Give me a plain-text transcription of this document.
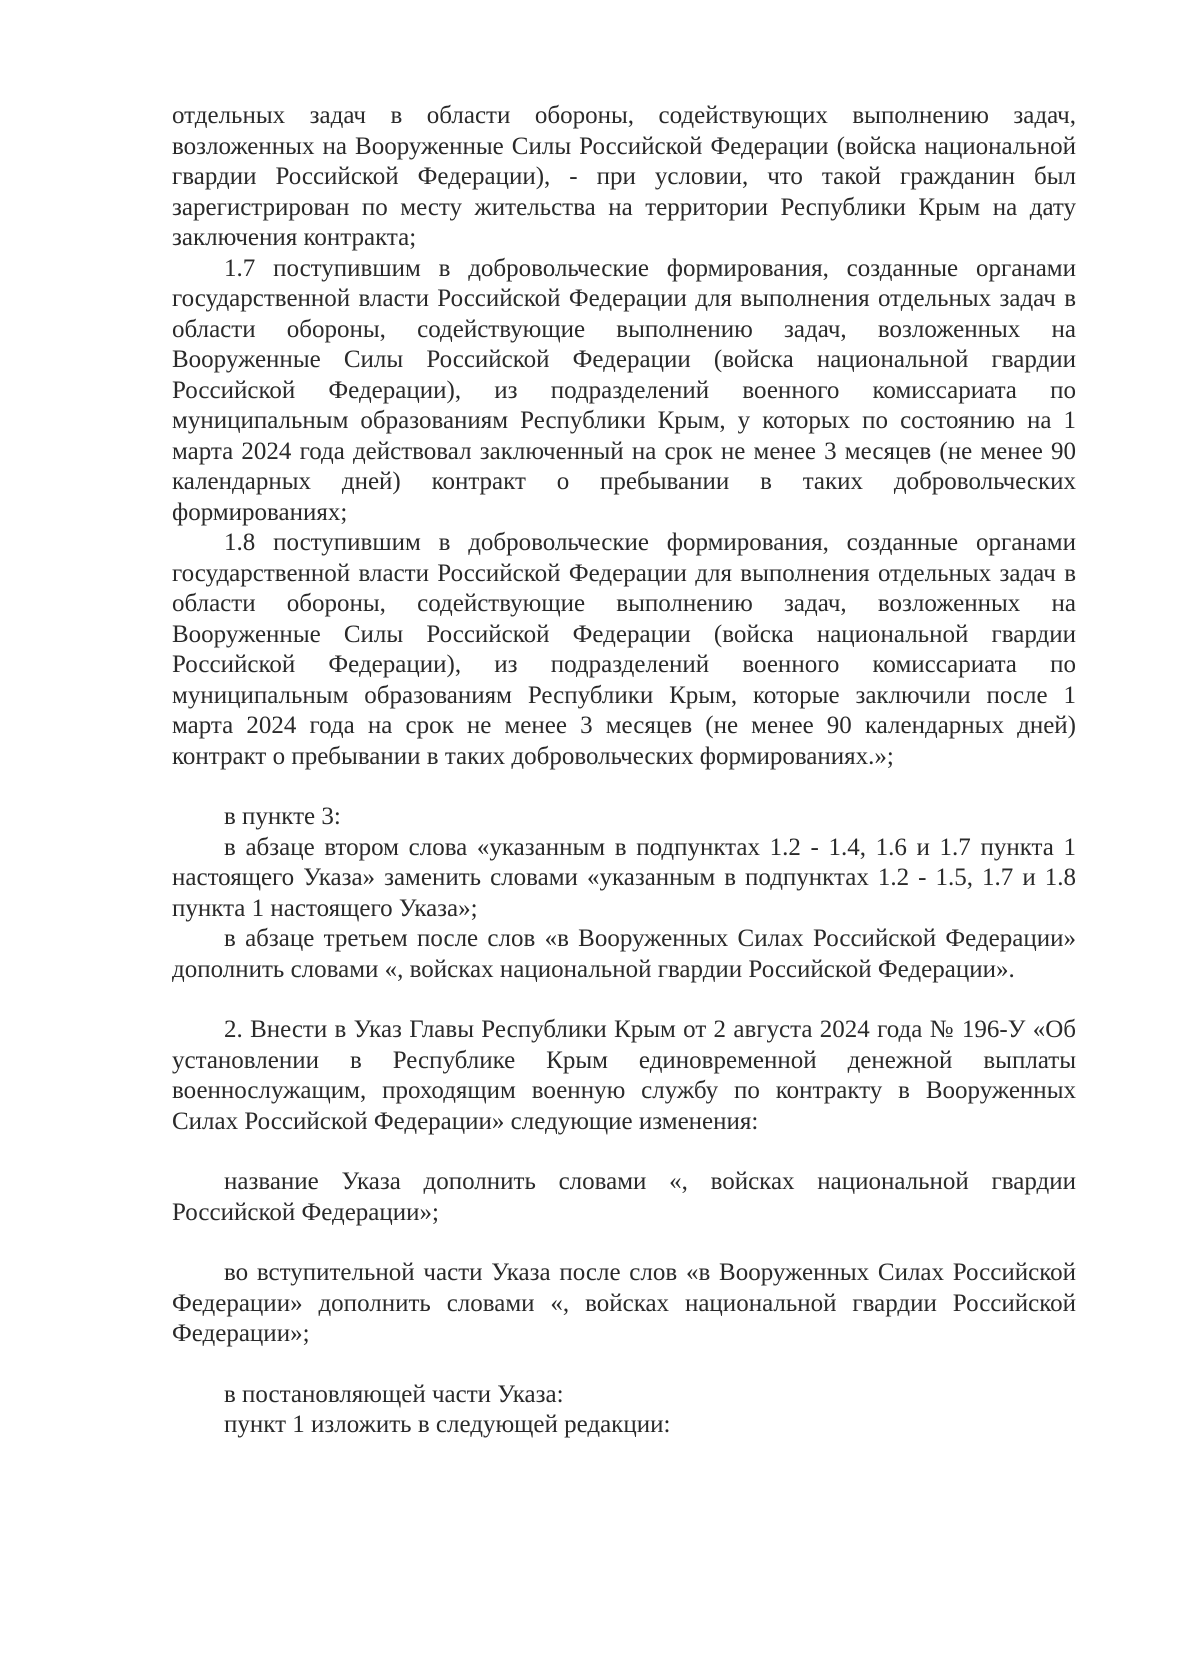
отдельных задач в области обороны, содействующих выполнению задач, возложенных на Вооруженные Силы Российской Федерации (войска национальной гвардии Российской Федерации), - при условии, что такой гражданин был зарегистрирован по месту жительства на территории Республики Крым на дату заключения контракта;

1.7 поступившим в добровольческие формирования, созданные органами государственной власти Российской Федерации для выполнения отдельных задач в области обороны, содействующие выполнению задач, возложенных на Вооруженные Силы Российской Федерации (войска национальной гвардии Российской Федерации), из подразделений военного комиссариата по муниципальным образованиям Республики Крым, у которых по состоянию на 1 марта 2024 года действовал заключенный на срок не менее 3 месяцев (не менее 90 календарных дней) контракт о пребывании в таких добровольческих формированиях;

1.8 поступившим в добровольческие формирования, созданные органами государственной власти Российской Федерации для выполнения отдельных задач в области обороны, содействующие выполнению задач, возложенных на Вооруженные Силы Российской Федерации (войска национальной гвардии Российской Федерации), из подразделений военного комиссариата по муниципальным образованиям Республики Крым, которые заключили после 1 марта 2024 года на срок не менее 3 месяцев (не менее 90 календарных дней) контракт о пребывании в таких добровольческих формированиях.»;

в пункте 3:

в абзаце втором слова «указанным в подпунктах 1.2 - 1.4, 1.6 и 1.7 пункта 1 настоящего Указа» заменить словами «указанным в подпунктах 1.2 - 1.5, 1.7 и 1.8 пункта 1 настоящего Указа»;

в абзаце третьем после слов «в Вооруженных Силах Российской Федерации» дополнить словами «, войсках национальной гвардии Российской Федерации».

2. Внести в Указ Главы Республики Крым от 2 августа 2024 года № 196-У «Об установлении в Республике Крым единовременной денежной выплаты военнослужащим, проходящим военную службу по контракту в Вооруженных Силах Российской Федерации» следующие изменения:

название Указа дополнить словами «, войсках национальной гвардии Российской Федерации»;

во вступительной части Указа после слов «в Вооруженных Силах Российской Федерации» дополнить словами «, войсках национальной гвардии Российской Федерации»;

в постановляющей части Указа:

пункт 1 изложить в следующей редакции:
